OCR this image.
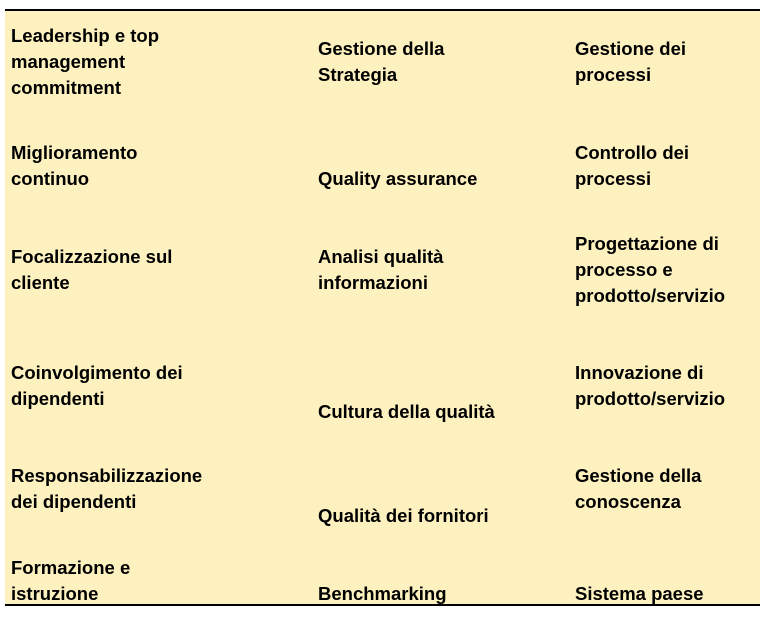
Leadership e top
management
commitment
Miglioramento
continuo
Focalizzazione sul
cliente
Coinvolgimento dei
dipendenti
Responsabilizzazione
dei dipendenti
Formazione e
istruzione
Gestione della
Strategia
Quality assurance
Analisi qualità
informazioni
Cultura della qualità
Qualità dei fornitori
Benchmarking
Gestione dei
processi
Controllo dei
processi
Progettazione di
processo e
prodotto/servizio
Innovazione di
prodotto/servizio
Gestione della
conoscenza
Sistema paese
